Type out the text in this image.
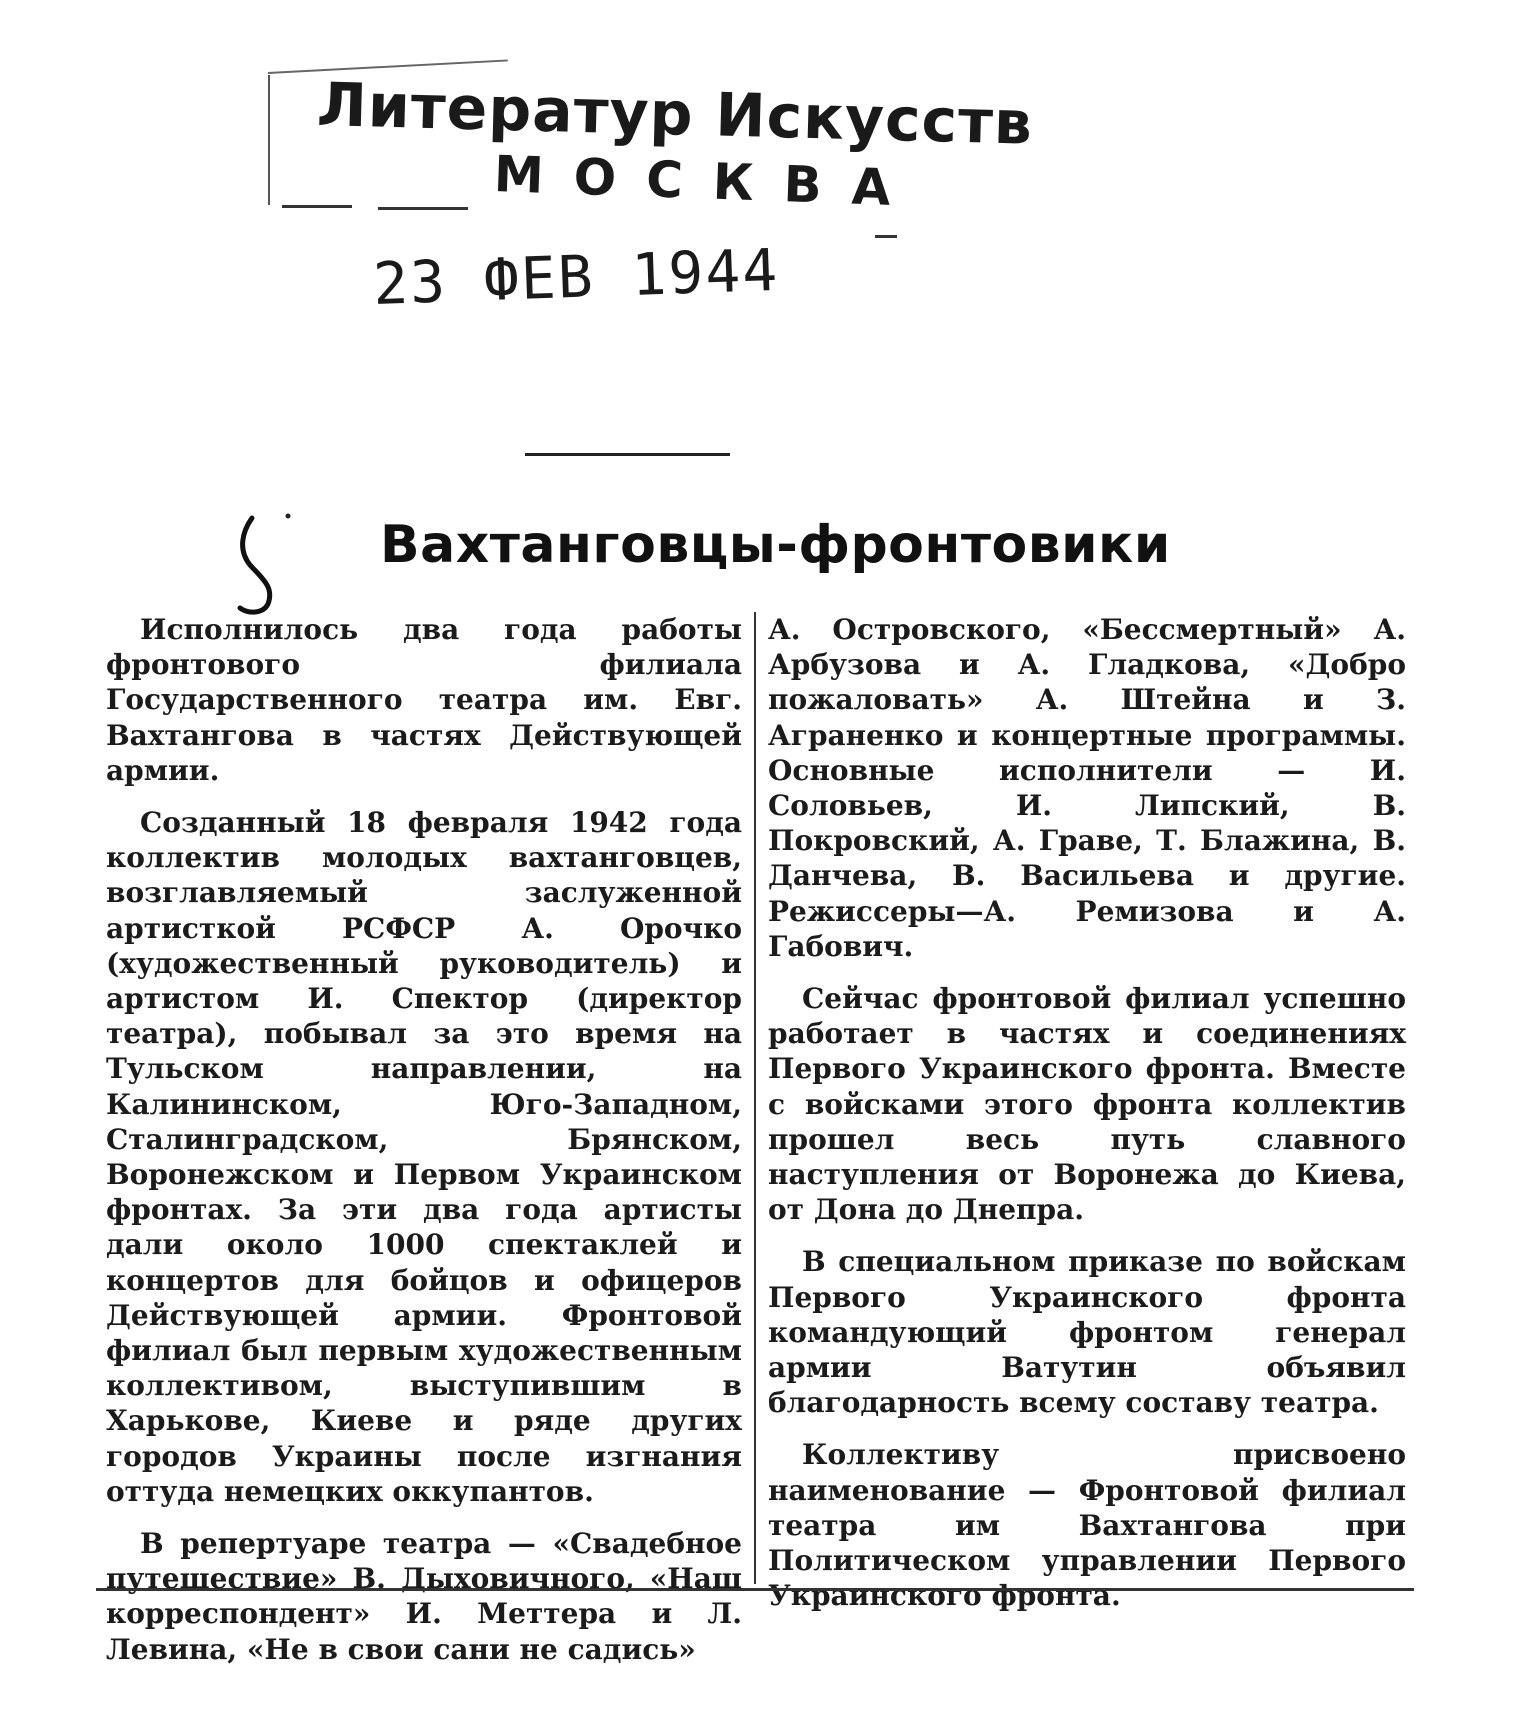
Литератур Искусств
МОСКВА
23 ФЕВ 1944
Вахтанговцы-фронтовики

Исполнилось два года работы фронтового филиала Государственного театра им. Евг. Вахтангова в частях Действующей армии.

Созданный 18 февраля 1942 года коллектив молодых вахтанговцев, возглавляемый заслуженной артисткой РСФСР А. Орочко (художественный руководитель) и артистом И. Спектор (директор театра), побывал за это время на Тульском направлении, на Калининском, Юго-Западном, Сталинградском, Брянском, Воронежском и Первом Украинском фронтах. За эти два года артисты дали около 1000 спектаклей и концертов для бойцов и офицеров Действующей армии. Фронтовой филиал был первым художественным коллективом, выступившим в Харькове, Киеве и ряде других городов Украины после изгнания оттуда немецких оккупантов.

В репертуаре театра — «Свадебное путешествие» В. Дыховичного, «Наш корреспондент» И. Меттера и Л. Левина, «Не в свои сани не садись»

А. Островского, «Бессмертный» А. Арбузова и А. Гладкова, «Добро пожаловать» А. Штейна и З. Аграненко и концертные программы. Основные исполнители — И. Соловьев, И. Липский, В. Покровский, А. Граве, Т. Блажина, В. Данчева, В. Васильева и другие. Режиссеры—А. Ремизова и А. Габович.

Сейчас фронтовой филиал успешно работает в частях и соединениях Первого Украинского фронта. Вместе с войсками этого фронта коллектив прошел весь путь славного наступления от Воронежа до Киева, от Дона до Днепра.

В специальном приказе по войскам Первого Украинского фронта командующий фронтом генерал армии Ватутин объявил благодарность всему составу театра.

Коллективу присвоено наименование — Фронтовой филиал театра им Вахтангова при Политическом управлении Первого Украинского фронта.
